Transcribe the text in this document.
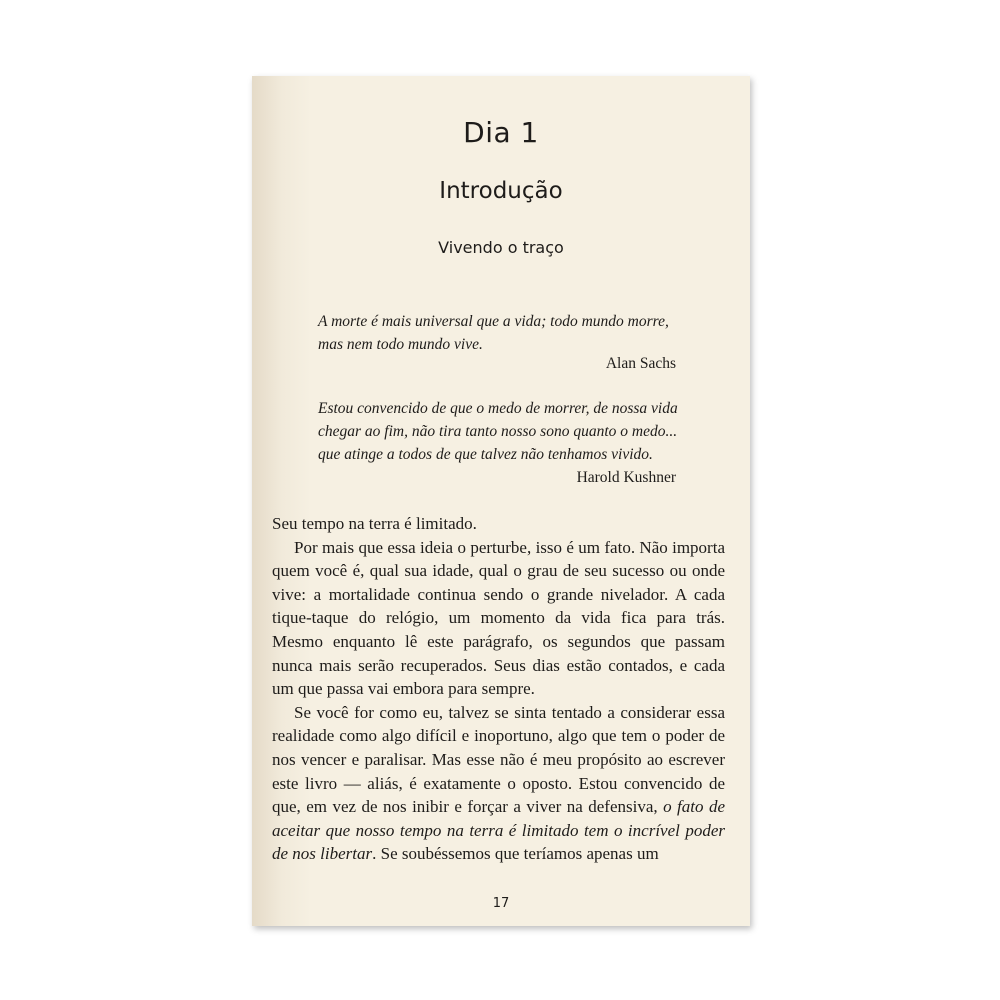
Dia 1
Introdução
Vivendo o traço
A morte é mais universal que a vida; todo mundo morre,
mas nem todo mundo vive.
Alan Sachs
Estou convencido de que o medo de morrer, de nossa vida
chegar ao fim, não tira tanto nosso sono quanto o medo...
que atinge a todos de que talvez não tenhamos vivido.
Harold Kushner

Seu tempo na terra é limitado.

Por mais que essa ideia o perturbe, isso é um fato. Não importa quem você é, qual sua idade, qual o grau de seu sucesso ou onde vive: a mortalidade continua sendo o grande nivelador. A cada tique-taque do relógio, um momento da vida fica para trás. Mesmo enquanto lê este parágrafo, os segundos que passam nunca mais serão recuperados. Seus dias estão contados, e cada um que passa vai embora para sempre.

Se você for como eu, talvez se sinta tentado a considerar essa realidade como algo difícil e inoportuno, algo que tem o poder de nos vencer e paralisar. Mas esse não é meu propósito ao escrever este livro — aliás, é exatamente o oposto. Estou convencido de que, em vez de nos inibir e forçar a viver na defensiva, o fato de aceitar que nosso tempo na terra é limitado tem o incrível poder de nos libertar. Se soubéssemos que teríamos apenas um

17
